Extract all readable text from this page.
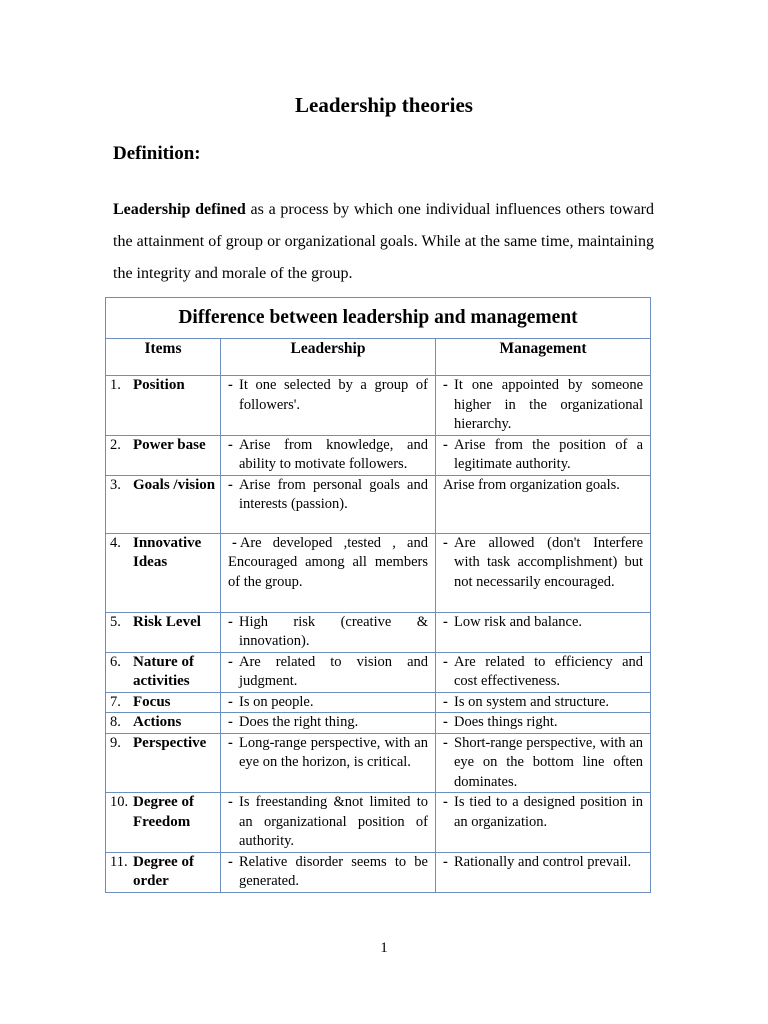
Leadership theories
Definition:
Leadership defined as a process by which one individual influences others toward the attainment of group or organizational goals. While at the same time, maintaining the integrity and morale of the group.
Difference between leadership and management		
Items	Leadership	Management

1. Position	- It one selected by a group of followers'.	- It one appointed by someone higher in the organizational hierarchy.

2. Power base	- Arise from knowledge, and ability to motivate followers.	- Arise from the position of a legitimate authority.

3. Goals /vision	- Arise from personal goals and interests (passion).	Arise from organization goals.

4. Innovative Ideas	- Are developed ,tested , and Encouraged among all members of the group.	- Are allowed (don't Interfere with task accomplishment) but not necessarily encouraged.

5. Risk Level	- High risk (creative & innovation).	- Low risk and balance.

6. Nature of activities	- Are related to vision and judgment.	- Are related to efficiency and cost effectiveness.

7. Focus	- Is on people.	- Is on system and structure.

8. Actions	- Does the right thing.	- Does things right.

9. Perspective	- Long-range perspective, with an eye on the horizon, is critical.	- Short-range perspective, with an eye on the bottom line often dominates.

10. Degree of Freedom	- Is freestanding &not limited to an organizational position of authority.	- Is tied to a designed position in an organization.

11. Degree of order	- Relative disorder seems to be generated.	- Rationally and control prevail.
1
